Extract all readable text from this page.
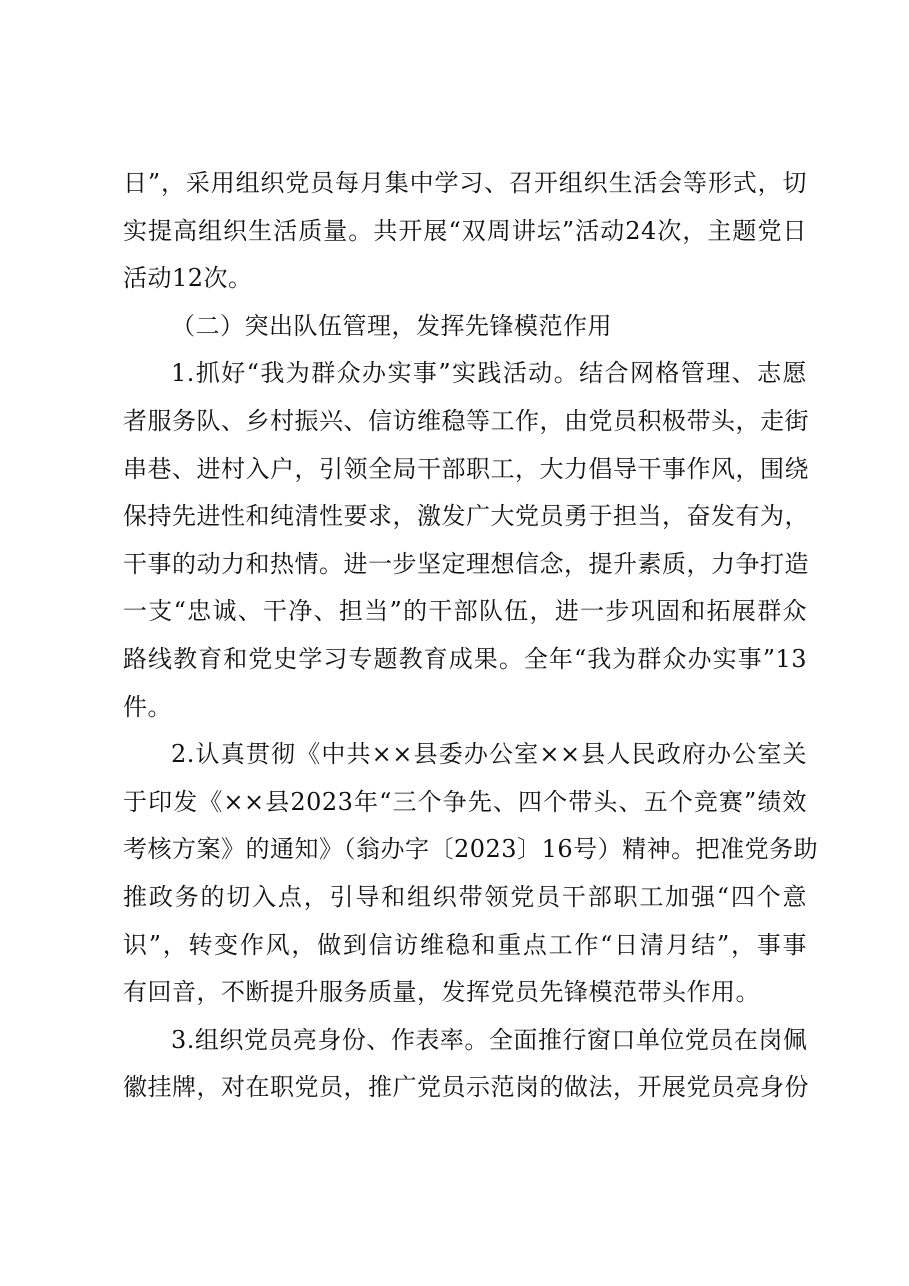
日”，采用组织党员每月集中学习、召开组织生活会等形式，切
实提高组织生活质量。共开展“双周讲坛”活动24次，主题党日
活动12次。
（二）突出队伍管理，发挥先锋模范作用
1.抓好“我为群众办实事”实践活动。结合网格管理、志愿
者服务队、乡村振兴、信访维稳等工作，由党员积极带头，走街
串巷、进村入户，引领全局干部职工，大力倡导干事作风，围绕
保持先进性和纯清性要求，激发广大党员勇于担当，奋发有为，
干事的动力和热情。进一步坚定理想信念，提升素质，力争打造
一支“忠诚、干净、担当”的干部队伍，进一步巩固和拓展群众
路线教育和党史学习专题教育成果。全年“我为群众办实事”13
件。
2.认真贯彻《中共××县委办公室××县人民政府办公室关
于印发《××县2023年“三个争先、四个带头、五个竞赛”绩效
考核方案》的通知》（翁办字〔2023〕16号）精神。把准党务助
推政务的切入点，引导和组织带领党员干部职工加强“四个意
识”，转变作风，做到信访维稳和重点工作“日清月结”，事事
有回音，不断提升服务质量，发挥党员先锋模范带头作用。
3.组织党员亮身份、作表率。全面推行窗口单位党员在岗佩
徽挂牌，对在职党员，推广党员示范岗的做法，开展党员亮身份
